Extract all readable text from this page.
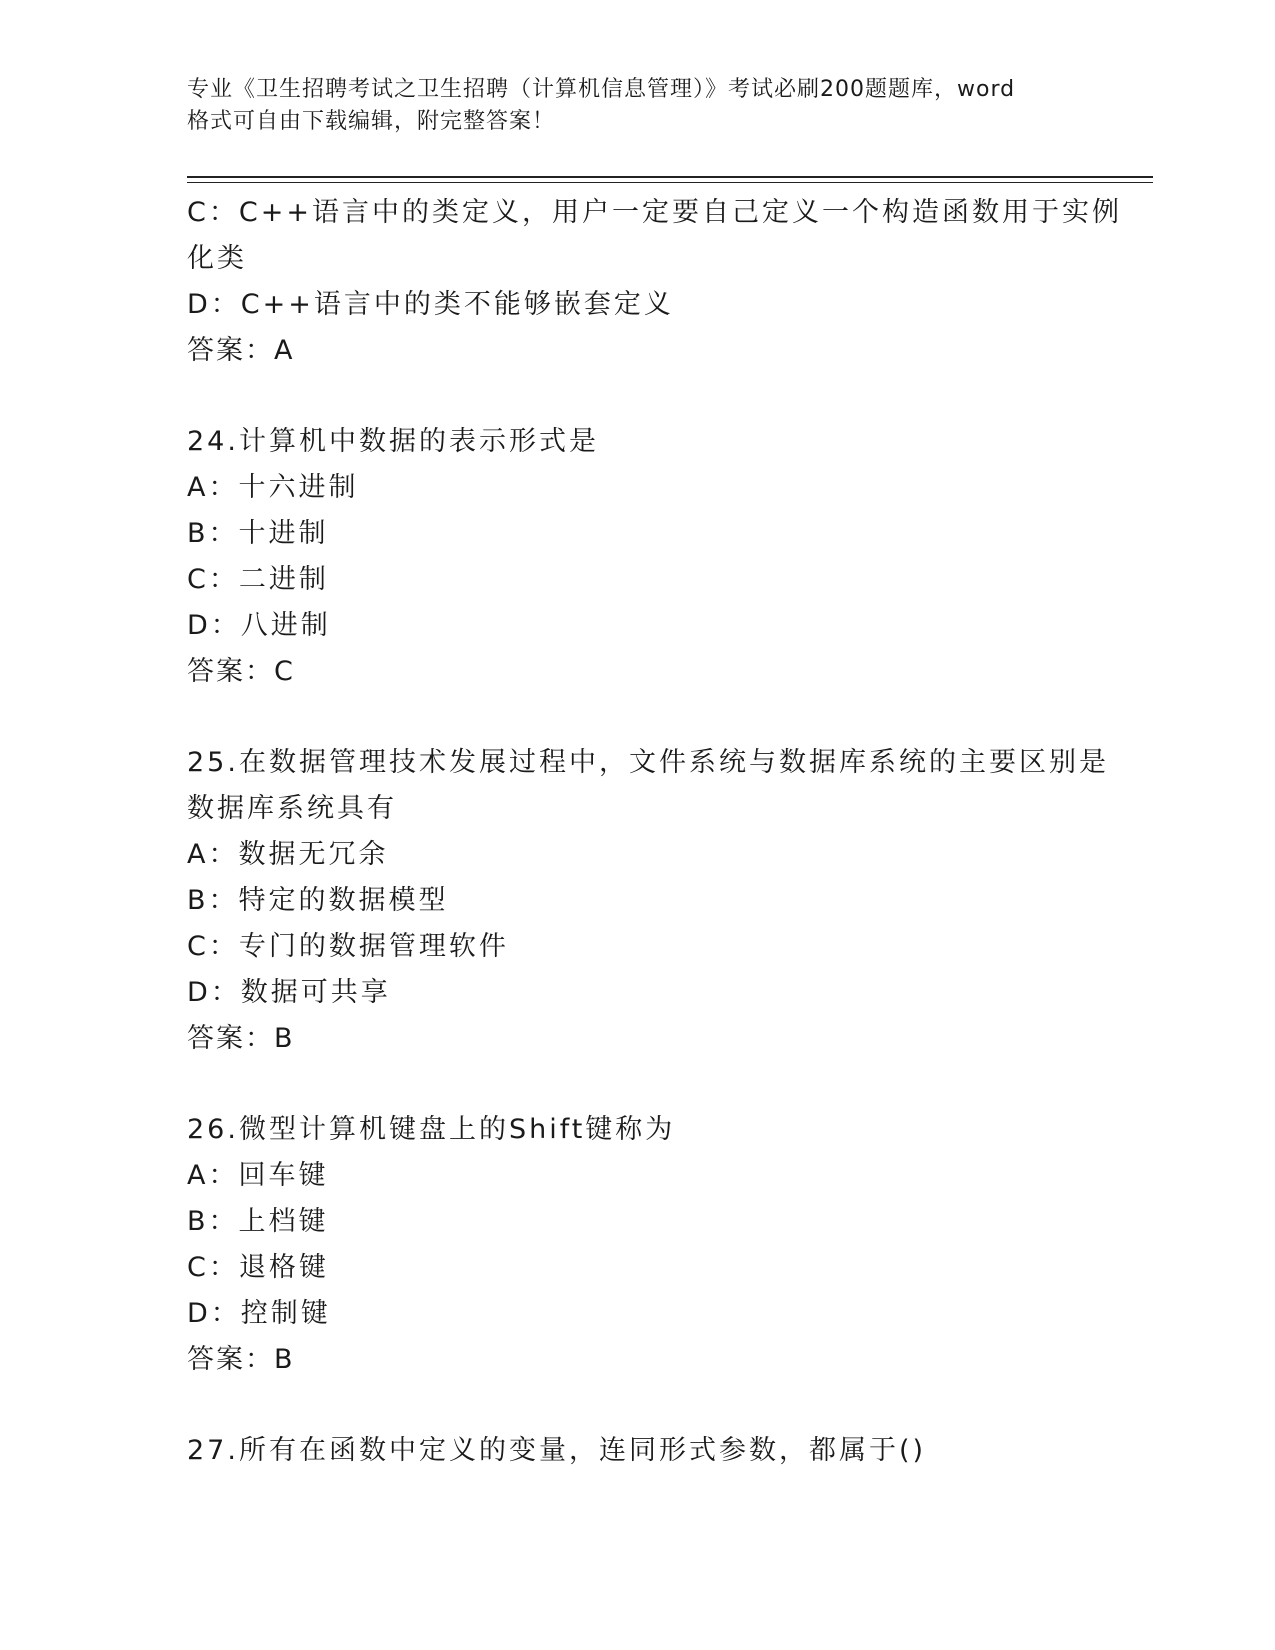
专业《卫生招聘考试之卫生招聘（计算机信息管理）》考试必刷200题题库，word
格式可自由下载编辑，附完整答案！
C：C++语言中的类定义，用户一定要自己定义一个构造函数用于实例
化类
D：C++语言中的类不能够嵌套定义
答案：A
24.计算机中数据的表示形式是
A：十六进制
B：十进制
C：二进制
D：八进制
答案：C
25.在数据管理技术发展过程中，文件系统与数据库系统的主要区别是
数据库系统具有
A：数据无冗余
B：特定的数据模型
C：专门的数据管理软件
D：数据可共享
答案：B
26.微型计算机键盘上的Shift键称为
A：回车键
B：上档键
C：退格键
D：控制键
答案：B
27.所有在函数中定义的变量，连同形式参数，都属于()
